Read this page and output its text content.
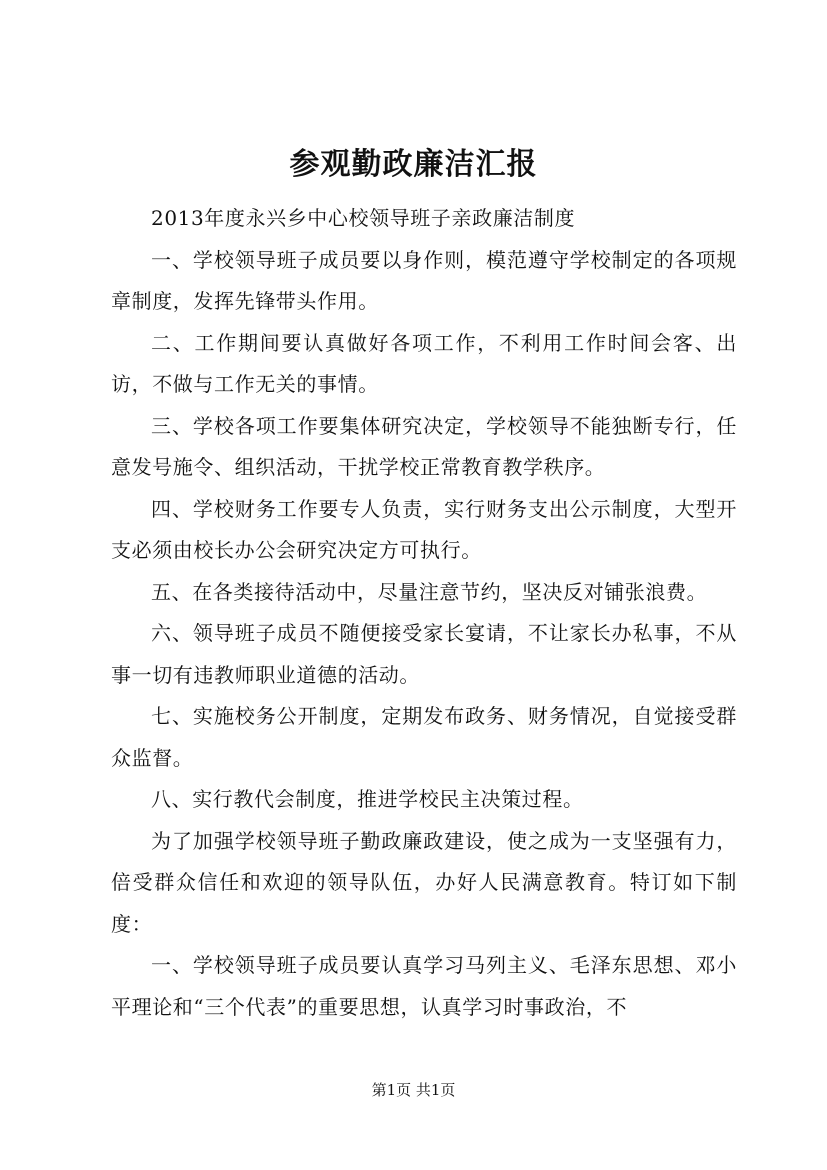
参观勤政廉洁汇报

2013年度永兴乡中心校领导班子亲政廉洁制度

一、学校领导班子成员要以身作则，模范遵守学校制定的各项规章制度，发挥先锋带头作用。

二、工作期间要认真做好各项工作，不利用工作时间会客、出访，不做与工作无关的事情。

三、学校各项工作要集体研究决定，学校领导不能独断专行，任意发号施令、组织活动，干扰学校正常教育教学秩序。

四、学校财务工作要专人负责，实行财务支出公示制度，大型开支必须由校长办公会研究决定方可执行。

五、在各类接待活动中，尽量注意节约，坚决反对铺张浪费。

六、领导班子成员不随便接受家长宴请，不让家长办私事，不从事一切有违教师职业道德的活动。

七、实施校务公开制度，定期发布政务、财务情况，自觉接受群众监督。

八、实行教代会制度，推进学校民主决策过程。

为了加强学校领导班子勤政廉政建设，使之成为一支坚强有力，倍受群众信任和欢迎的领导队伍，办好人民满意教育。特订如下制度：

一、学校领导班子成员要认真学习马列主义、毛泽东思想、邓小平理论和“三个代表”的重要思想，认真学习时事政治，不

第1页 共1页
